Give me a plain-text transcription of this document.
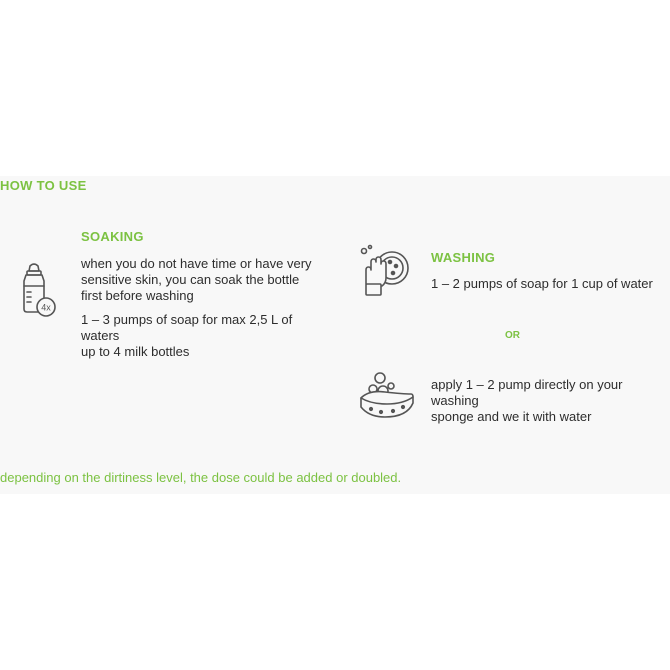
HOW TO USE
4x
SOAKING

when you do not have time or have very sensitive skin, you can soak the bottle first before washing

1 – 3 pumps of soap for max 2,5 L of waters

up to 4 milk bottles

WASHING
1 – 2 pumps of soap for 1 cup of water
OR

apply 1 – 2 pump directly on your washing

sponge and we it with water

depending on the dirtiness level, the dose could be added or doubled.
